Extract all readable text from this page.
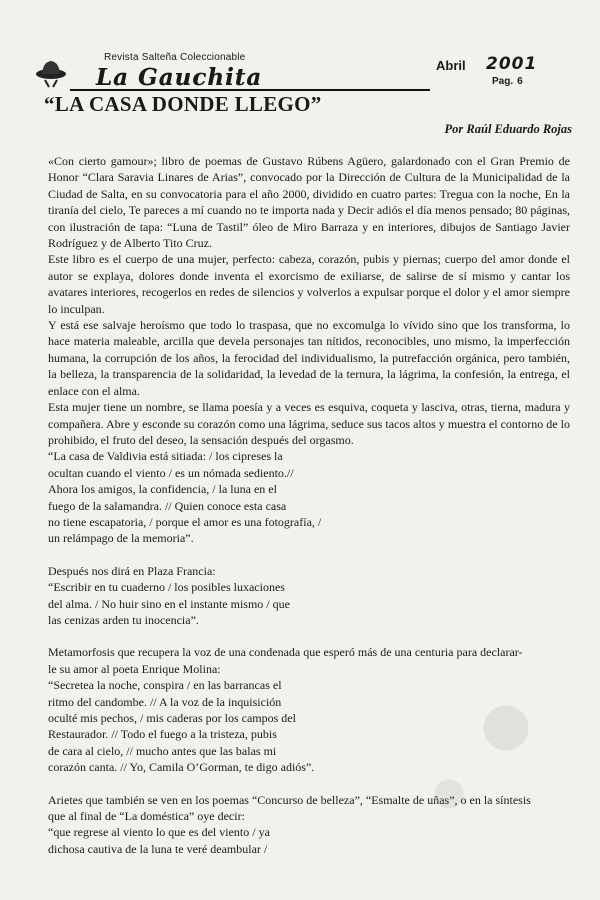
Revista Salteña Coleccionable
La Gauchita	Abril 2001
Pag. 6
“LA CASA DONDE LLEGO”
Por Raúl Eduardo Rojas

«Con cierto gamour»; libro de poemas de Gustavo Rúbens Agüero, galardonado con el Gran Premio de Honor “Clara Saravia Linares de Arias”, convocado por la Dirección de Cultura de la Municipalidad de la Ciudad de Salta, en su convocatoria para el año 2000, dividido en cuatro partes: Tregua con la noche, En la tiranía del cielo, Te pareces a mí cuando no te importa nada y Decir adiós el día menos pensado; 80 páginas, con ilustración de tapa: “Luna de Tastil” óleo de Miro Barraza y en interiores, dibujos de Santiago Javier Rodríguez y de Alberto Tito Cruz.

Este libro es el cuerpo de una mujer, perfecto: cabeza, corazón, pubis y piernas; cuerpo del amor donde el autor se explaya, dolores donde inventa el exorcismo de exiliarse, de salirse de sí mismo y cantar los avatares interiores, recogerlos en redes de silencios y volverlos a expulsar porque el dolor y el amor siempre lo inculpan.

Y está ese salvaje heroísmo que todo lo traspasa, que no excomulga lo vívido sino que los transforma, lo hace materia maleable, arcilla que devela personajes tan nítidos, reconocibles, uno mismo, la imperfección humana, la corrupción de los años, la ferocidad del individualismo, la putrefacción orgánica, pero también, la belleza, la transparencia de la solidaridad, la levedad de la ternura, la lágrima, la confesión, la entrega, el enlace con el alma.

Esta mujer tiene un nombre, se llama poesía y a veces es esquiva, coqueta y lasciva, otras, tierna, madura y compañera. Abre y esconde su corazón como una lágrima, seduce sus tacos altos y muestra el contorno de lo prohibido, el fruto del deseo, la sensación después del orgasmo.

“La casa de Valdivia está sitiada: / los cipreses la
ocultan cuando el viento / es un nómada sediento.//
Ahora los amigos, la confidencia, / la luna en el
fuego de la salamandra. // Quien conoce esta casa
no tiene escapatoria, / porque el amor es una fotografía, /
un relámpago de la memoria”.

Después nos dirá en Plaza Francia:

“Escribir en tu cuaderno / los posibles luxaciones
del alma. / No huir sino en el instante mismo / que
las cenizas arden tu inocencia”.
Metamorfosis que recupera la voz de una condenada que esperó más de una centuria para declarar-
le su amor al poeta Enrique Molina:
“Secretea la noche, conspira / en las barrancas el
ritmo del candombe. // A la voz de la inquisición
oculté mis pechos, / mis caderas por los campos del
Restaurador. // Todo el fuego a la tristeza, pubis
de cara al cielo, // mucho antes que las balas mi
corazón canta. // Yo, Camila O’Gorman, te digo adiós”.
Arietes que también se ven en los poemas “Concurso de belleza”, “Esmalte de uñas”, o en la síntesis
que al final de “La doméstica” oye decir:
“que regrese al viento lo que es del viento / ya
dichosa cautiva de la luna te veré deambular /
